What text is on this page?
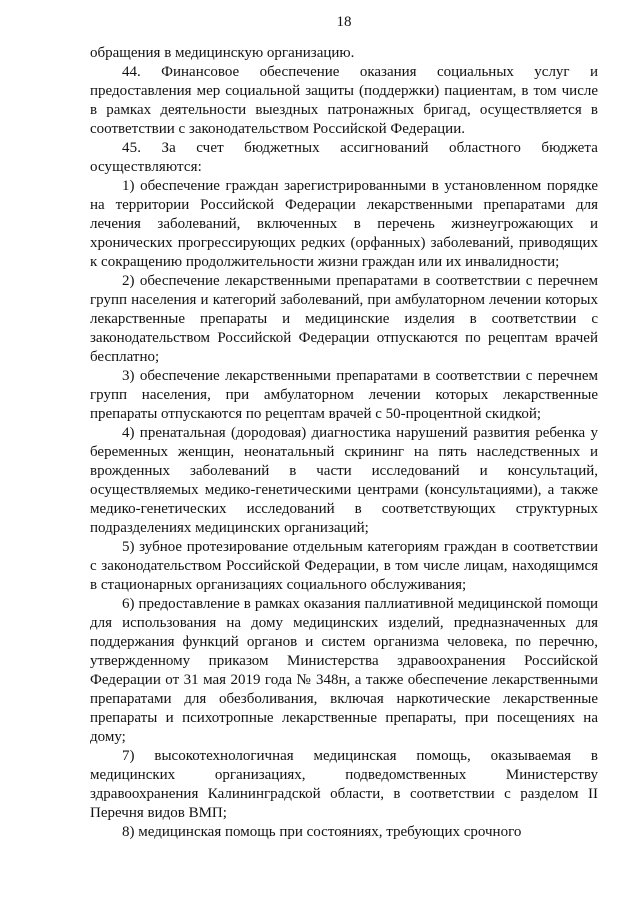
18

обращения в медицинскую организацию.

44. Финансовое обеспечение оказания социальных услуг и предоставления мер социальной защиты (поддержки) пациентам, в том числе в рамках деятельности выездных патронажных бригад, осуществляется в соответствии с законодательством Российской Федерации.

45. За счет бюджетных ассигнований областного бюджета осуществляются:

1) обеспечение граждан зарегистрированными в установленном порядке на территории Российской Федерации лекарственными препаратами для лечения заболеваний, включенных в перечень жизнеугрожающих и хронических прогрессирующих редких (орфанных) заболеваний, приводящих к сокращению продолжительности жизни граждан или их инвалидности;

2) обеспечение лекарственными препаратами в соответствии с перечнем групп населения и категорий заболеваний, при амбулаторном лечении которых лекарственные препараты и медицинские изделия в соответствии с законодательством Российской Федерации отпускаются по рецептам врачей бесплатно;

3) обеспечение лекарственными препаратами в соответствии с перечнем групп населения, при амбулаторном лечении которых лекарственные препараты отпускаются по рецептам врачей с 50-процентной скидкой;

4) пренатальная (дородовая) диагностика нарушений развития ребенка у беременных женщин, неонатальный скрининг на пять наследственных и врожденных заболеваний в части исследований и консультаций, осуществляемых медико-генетическими центрами (консультациями), а также медико-генетических исследований в соответствующих структурных подразделениях медицинских организаций;

5) зубное протезирование отдельным категориям граждан в соответствии с законодательством Российской Федерации, в том числе лицам, находящимся в стационарных организациях социального обслуживания;

6) предоставление в рамках оказания паллиативной медицинской помощи для использования на дому медицинских изделий, предназначенных для поддержания функций органов и систем организма человека, по перечню, утвержденному приказом Министерства здравоохранения Российской Федерации от 31 мая 2019 года № 348н, а также обеспечение лекарственными препаратами для обезболивания, включая наркотические лекарственные препараты и психотропные лекарственные препараты, при посещениях на дому;

7) высокотехнологичная медицинская помощь, оказываемая в медицинских организациях, подведомственных Министерству здравоохранения Калининградской области, в соответствии с разделом II Перечня видов ВМП;

8) медицинская помощь при состояниях, требующих срочного
